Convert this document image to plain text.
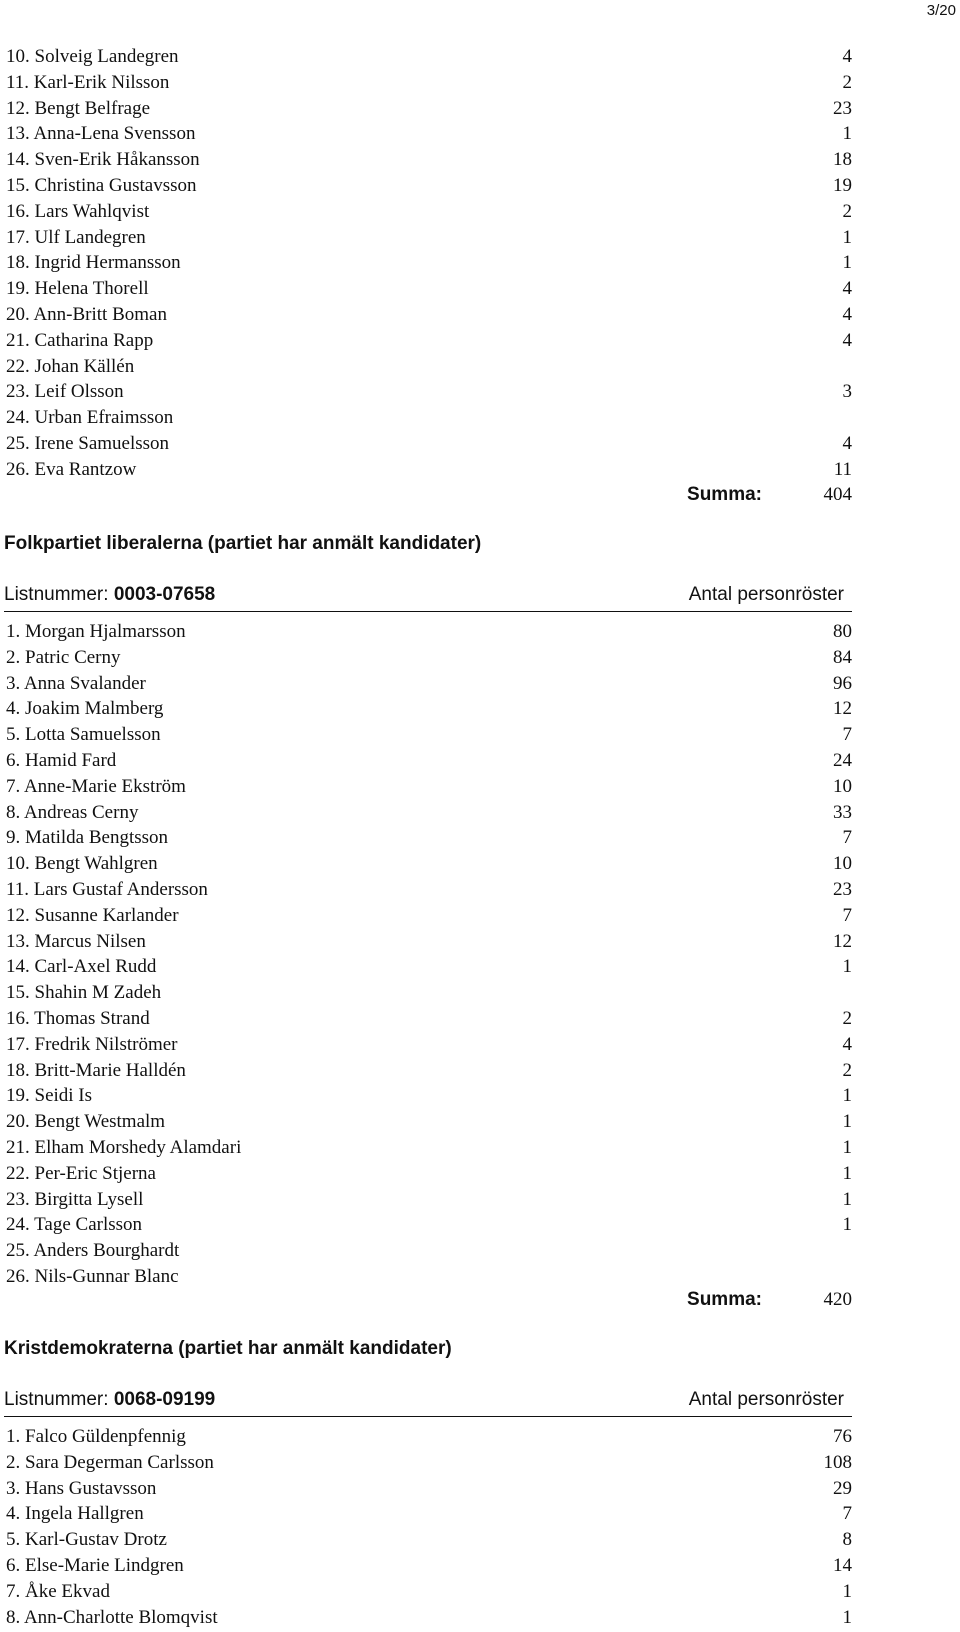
3/20
10. Solveig Landegren	4
11. Karl-Erik Nilsson	2
12. Bengt Belfrage	23
13. Anna-Lena Svensson	1
14. Sven-Erik Håkansson	18
15. Christina Gustavsson	19
16. Lars Wahlqvist	2
17. Ulf Landegren	1
18. Ingrid Hermansson	1
19. Helena Thorell	4
20. Ann-Britt Boman	4
21. Catharina Rapp	4
22. Johan Källén
23. Leif Olsson	3
24. Urban Efraimsson
25. Irene Samuelsson	4
26. Eva Rantzow	11
Summa:	404
Folkpartiet liberalerna (partiet har anmält kandidater)
Listnummer: 0003-07658	Antal personröster
1. Morgan Hjalmarsson	80
2. Patric Cerny	84
3. Anna Svalander	96
4. Joakim Malmberg	12
5. Lotta Samuelsson	7
6. Hamid Fard	24
7. Anne-Marie Ekström	10
8. Andreas Cerny	33
9. Matilda Bengtsson	7
10. Bengt Wahlgren	10
11. Lars Gustaf Andersson	23
12. Susanne Karlander	7
13. Marcus Nilsen	12
14. Carl-Axel Rudd	1
15. Shahin M Zadeh
16. Thomas Strand	2
17. Fredrik Nilströmer	4
18. Britt-Marie Halldén	2
19. Seidi Is	1
20. Bengt Westmalm	1
21. Elham Morshedy Alamdari	1
22. Per-Eric Stjerna	1
23. Birgitta Lysell	1
24. Tage Carlsson	1
25. Anders Bourghardt
26. Nils-Gunnar Blanc
Summa:	420
Kristdemokraterna (partiet har anmält kandidater)
Listnummer: 0068-09199	Antal personröster
1. Falco Güldenpfennig	76
2. Sara Degerman Carlsson	108
3. Hans Gustavsson	29
4. Ingela Hallgren	7
5. Karl-Gustav Drotz	8
6. Else-Marie Lindgren	14
7. Åke Ekvad	1
8. Ann-Charlotte Blomqvist	1
